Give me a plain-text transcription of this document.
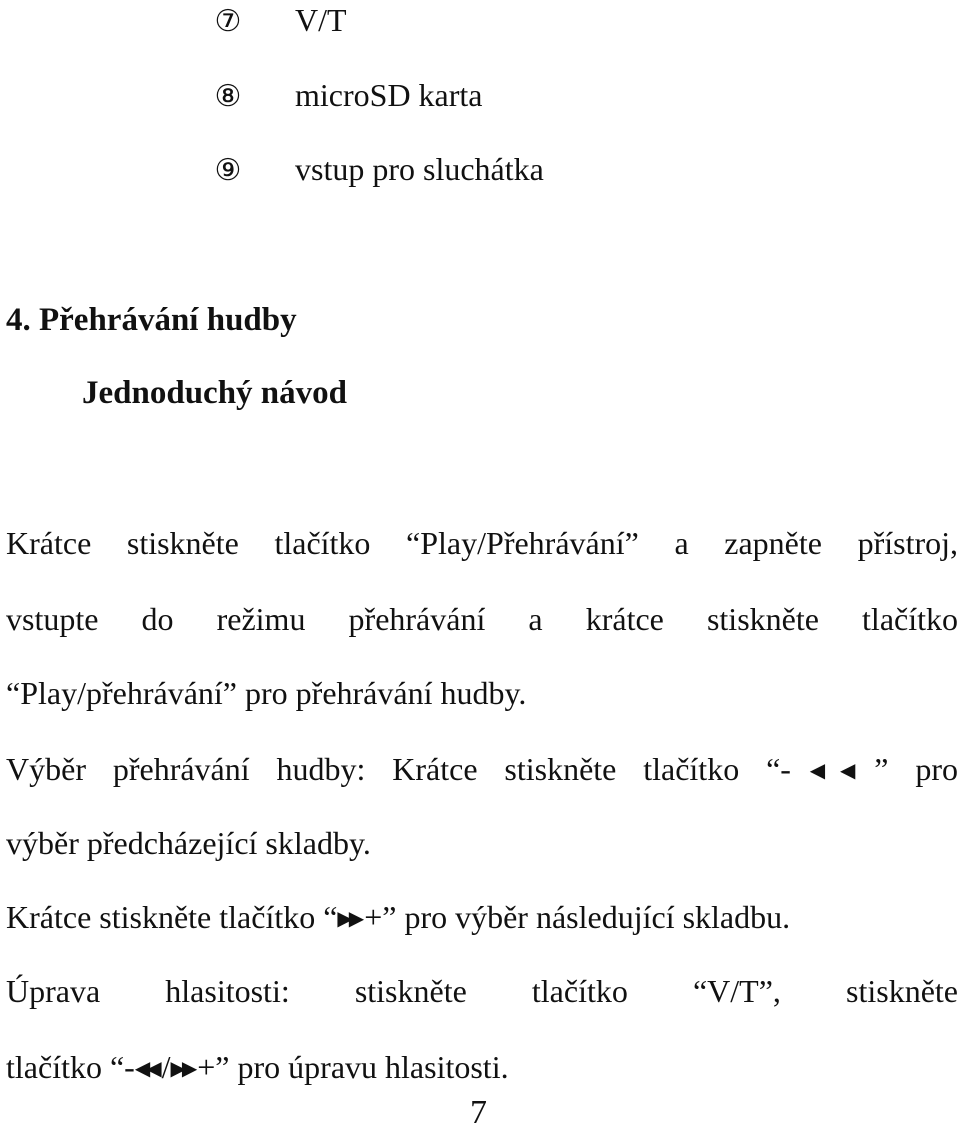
⑦ V/T
⑧ microSD karta
⑨ vstup pro sluchátka
4. Přehrávání hudby
Jednoduchý návod
Krátce stiskněte tlačítko “Play/Přehrávání” a zapněte přístroj,
vstupte do režimu přehrávání a krátce stiskněte tlačítko
“Play/přehrávání” pro přehrávání hudby.
Výběr přehrávání hudby: Krátce stiskněte tlačítko “-◀◀ ” pro
výběr předcházející skladby.
Krátce stiskněte tlačítko “▶▶ +” pro výběr následující skladbu.
Úprava hlasitosti: stiskněte tlačítko “V/T”, stiskněte
tlačítko “-◀◀ /▶▶ +” pro úpravu hlasitosti.
7
